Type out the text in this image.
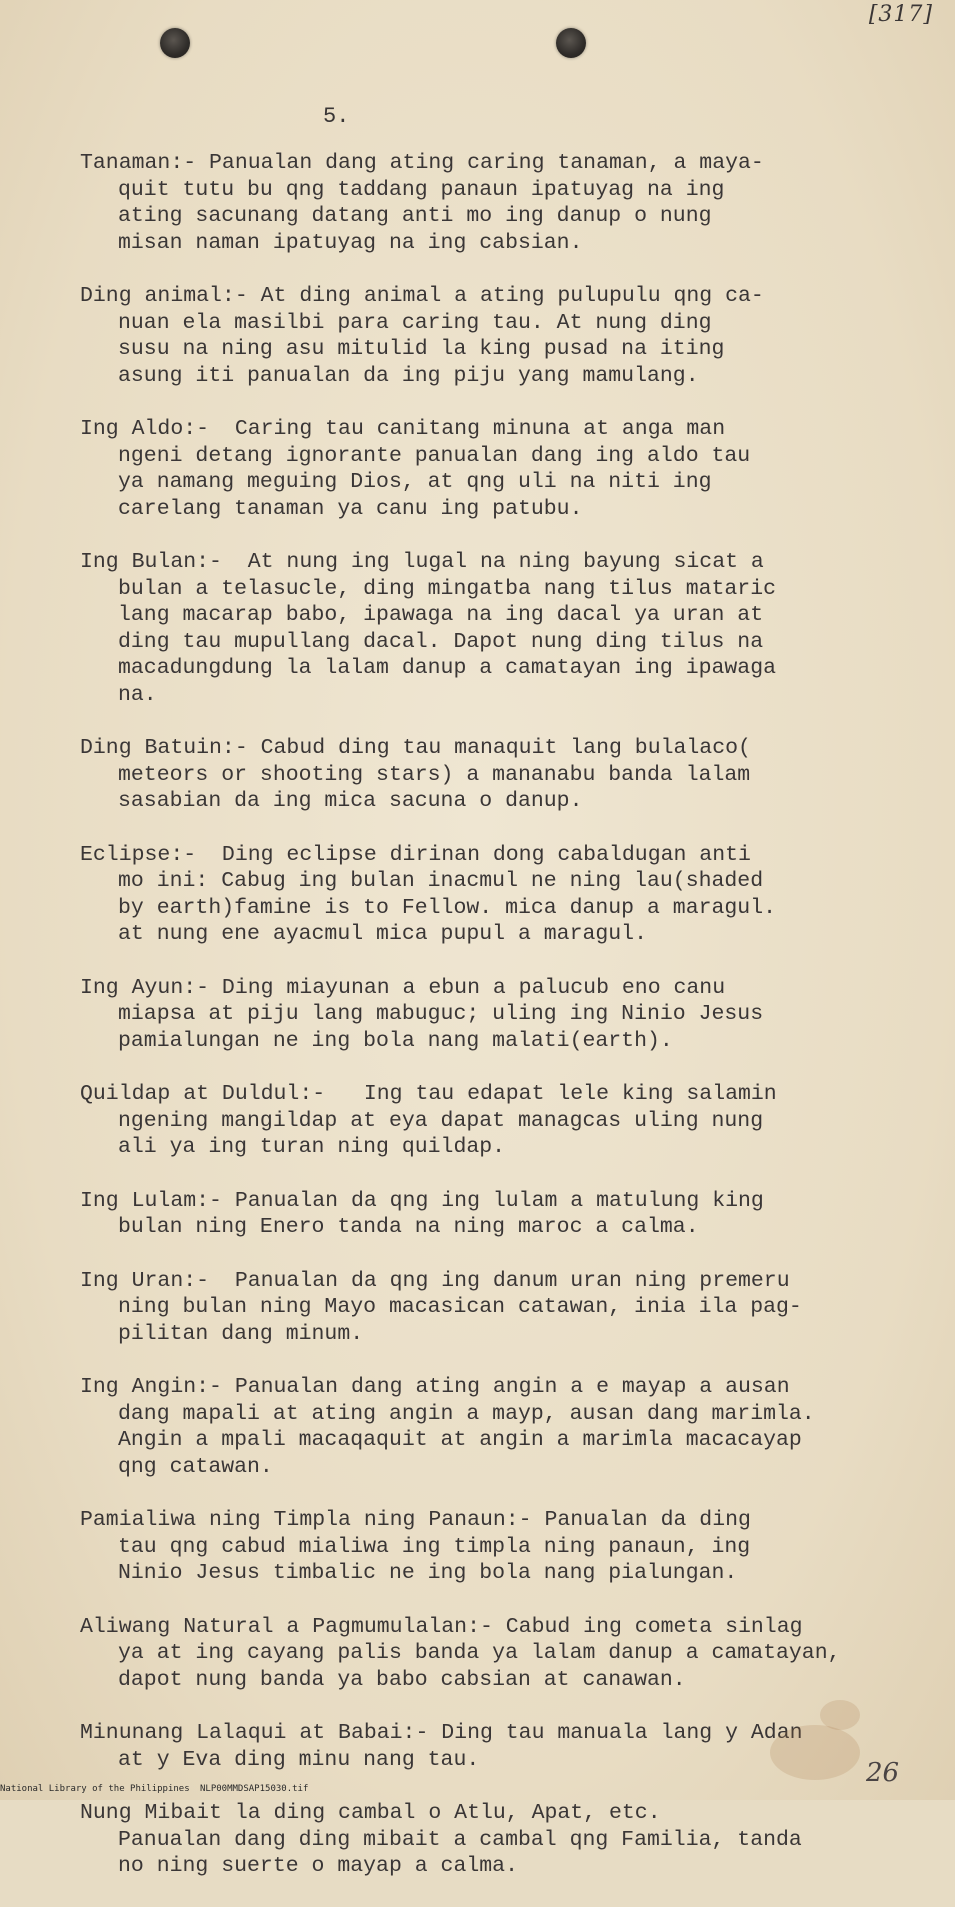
[317]
5.
Tanaman:- Panualan dang ating caring tanaman, a maya-
quit tutu bu qng taddang panaun ipatuyag na ing
ating sacunang datang anti mo ing danup o nung
misan naman ipatuyag na ing cabsian.
Ding animal:- At ding animal a ating pulupulu qng ca-
nuan ela masilbi para caring tau. At nung ding
susu na ning asu mitulid la king pusad na iting
asung iti panualan da ing piju yang mamulang.
Ing Aldo:-  Caring tau canitang minuna at anga man
ngeni detang ignorante panualan dang ing aldo tau
ya namang meguing Dios, at qng uli na niti ing
carelang tanaman ya canu ing patubu.
Ing Bulan:-  At nung ing lugal na ning bayung sicat a
bulan a telasucle, ding mingatba nang tilus mataric
lang macarap babo, ipawaga na ing dacal ya uran at
ding tau mupullang dacal. Dapot nung ding tilus na
macadungdung la lalam danup a camatayan ing ipawaga
na.
Ding Batuin:- Cabud ding tau manaquit lang bulalaco(
meteors or shooting stars) a mananabu banda lalam
sasabian da ing mica sacuna o danup.
Eclipse:-  Ding eclipse dirinan dong cabaldugan anti
mo ini: Cabug ing bulan inacmul ne ning lau(shaded
by earth)famine is to Fellow. mica danup a maragul.
at nung ene ayacmul mica pupul a maragul.
Ing Ayun:- Ding miayunan a ebun a palucub eno canu
miapsa at piju lang mabuguc; uling ing Ninio Jesus
pamialungan ne ing bola nang malati(earth).
Quildap at Duldul:-   Ing tau edapat lele king salamin
ngening mangildap at eya dapat managcas uling nung
ali ya ing turan ning quildap.
Ing Lulam:- Panualan da qng ing lulam a matulung king
bulan ning Enero tanda na ning maroc a calma.
Ing Uran:-  Panualan da qng ing danum uran ning premeru
ning bulan ning Mayo macasican catawan, inia ila pag-
pilitan dang minum.
Ing Angin:- Panualan dang ating angin a e mayap a ausan
dang mapali at ating angin a mayp, ausan dang marimla.
Angin a mpali macaqaquit at angin a marimla macacayap
qng catawan.
Pamialiwa ning Timpla ning Panaun:- Panualan da ding
tau qng cabud mialiwa ing timpla ning panaun, ing
Ninio Jesus timbalic ne ing bola nang pialungan.
Aliwang Natural a Pagmumulalan:- Cabud ing cometa sinlag
ya at ing cayang palis banda ya lalam danup a camatayan,
dapot nung banda ya babo cabsian at canawan.
Minunang Lalaqui at Babai:- Ding tau manuala lang y Adan
at y Eva ding minu nang tau.
Nung Mibait la ding cambal o Atlu, Apat, etc.
Panualan dang ding mibait a cambal qng Familia, tanda
no ning suerte o mayap a calma.
26
National Library of the Philippines NLP00MMDSAP15030.tif
